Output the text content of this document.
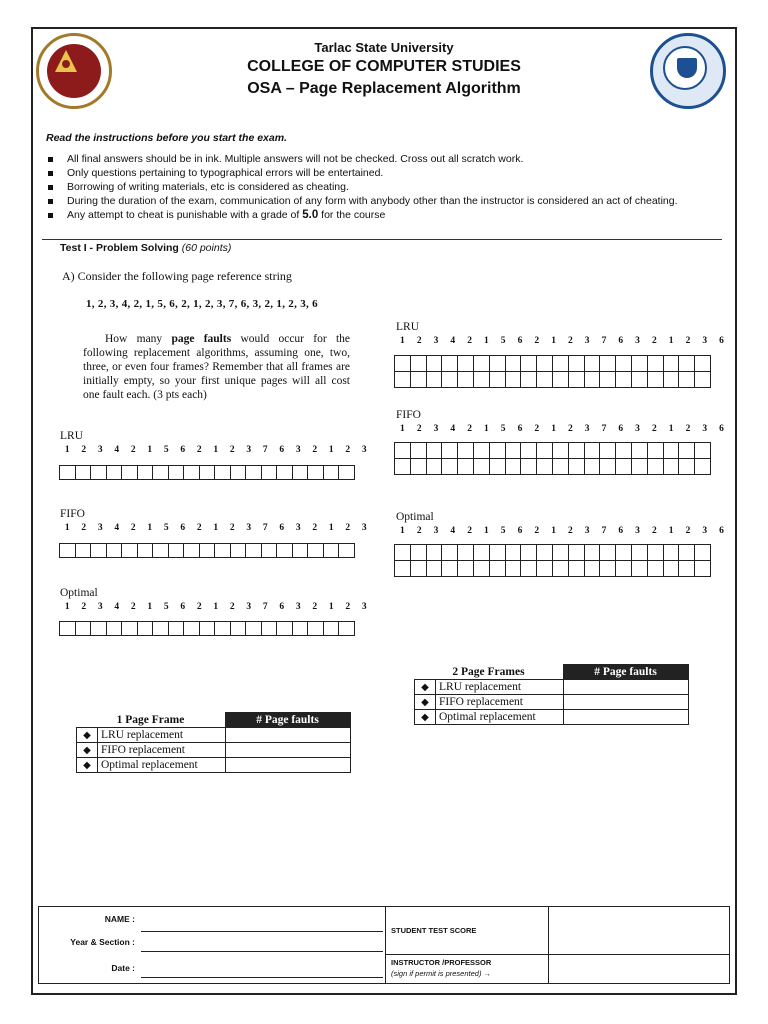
Tarlac State University
COLLEGE OF COMPUTER STUDIES
OSA – Page Replacement Algorithm
Read the instructions before you start the exam.
All final answers should be in ink. Multiple answers will not be checked. Cross out all scratch work.
Only questions pertaining to typographical errors will be entertained.
Borrowing of writing materials, etc is considered as cheating.
During the duration of the exam, communication of any form with anybody other than the instructor is considered an act of cheating.
Any attempt to cheat is punishable with a grade of 5.0 for the course
Test I - Problem Solving (60 points)
A) Consider the following page reference string
1, 2, 3, 4, 2, 1, 5, 6, 2, 1, 2, 3, 7, 6, 3, 2, 1, 2, 3, 6
How many page faults would occur for the following replacement algorithms, assuming one, two, three, or even four frames? Remember that all frames are initially empty, so your first unique pages will all cost one fault each. (3 pts each)
LRU
1	2	3	4	2	1	5	6	2	1	2	3	7	6	3	2	1	2	3
FIFO
1	2	3	4	2	1	5	6	2	1	2	3	7	6	3	2	1	2	3
Optimal
1	2	3	4	2	1	5	6	2	1	2	3	7	6	3	2	1	2	3
LRU
1	2	3	4	2	1	5	6	2	1	2	3	7	6	3	2	1	2	3	6
FIFO
1	2	3	4	2	1	5	6	2	1	2	3	7	6	3	2	1	2	3	6
Optimal
1	2	3	4	2	1	5	6	2	1	2	3	7	6	3	2	1	2	3	6
2 Page Frames		# Page faults
◆	LRU replacement	
◆	FIFO replacement	
◆	Optimal replacement	
1 Page Frame		# Page faults
◆	LRU replacement	
◆	FIFO replacement	
◆	Optimal replacement	
NAME :
Year & Section :
Date :
STUDENT TEST SCORE
INSTRUCTOR /PROFESSOR
(sign if permit is presented) →
